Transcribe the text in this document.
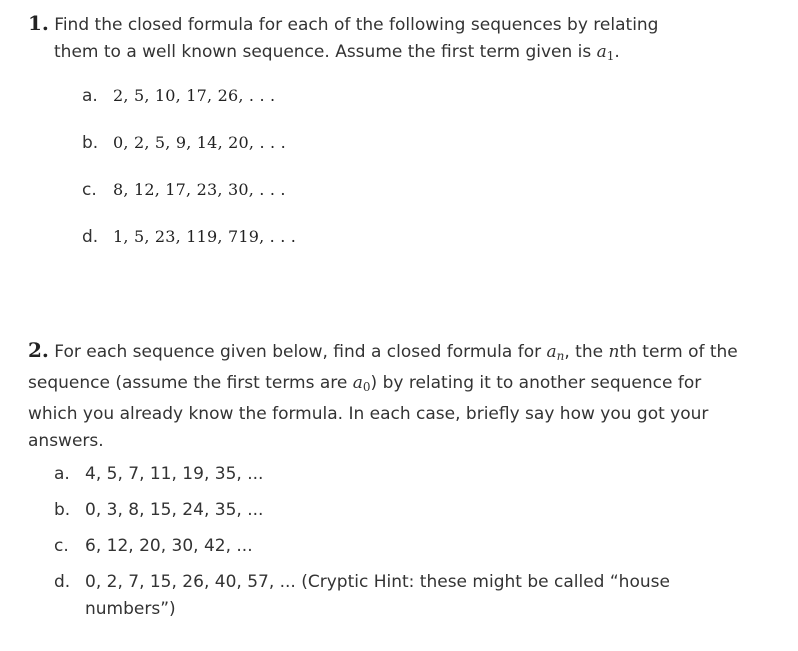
1. Find the closed formula for each of the following sequences by relating
them to a well known sequence. Assume the first term given is a1.
a. 2, 5, 10, 17, 26, . . .
b. 0, 2, 5, 9, 14, 20, . . .
c.	8, 12, 17, 23, 30, . . .
d. 1, 5, 23, 119, 719, . . .
2. For each sequence given below, find a closed formula for an, the nth term of the sequence (assume the first terms are a0) by relating it to another sequence for which you already know the formula. In each case, briefly say how you got your answers.
a. 4, 5, 7, 11, 19, 35, ...
b. 0, 3, 8, 15, 24, 35, ...
c. 6, 12, 20, 30, 42, ...
d. 0, 2, 7, 15, 26, 40, 57, ... (Cryptic Hint: these might be called “house numbers”)
